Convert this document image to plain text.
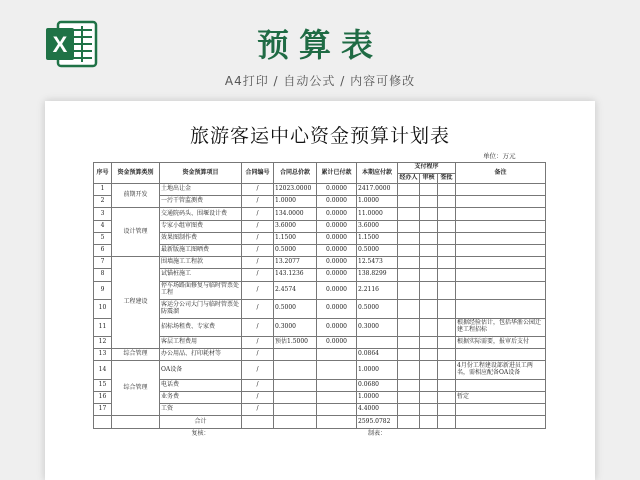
X	预算表
A4打印 / 自动公式 / 内容可修改
旅游客运中心资金预算计划表
单位：万元
序号	资金预算类别	资金预算项目	合同编号	合同总价款	累计已付款	本期应付款	支付程序			备注
							经办人	审核	签批	
1	前期开发	土地出让金	/	12023.0000	0.0000	2417.0000				
2		一污干管监测费	/	1.0000	0.0000	1.0000				
3	设计管理	交通院码头、围堰设计费	/	134.0000	0.0000	11.0000				
4		专家小组审图费	/	3.6000	0.0000	3.6000				
5		效果图制作费	/	1.1500	0.0000	1.1500				
6		最新版施工图晒费	/	0.5000	0.0000	0.5000				
7	工程建设	围墙施工工程款	/	13.2077	0.0000	12.5473				
8		试锚桩施工	/	143.1236	0.0000	138.8299				
9		停车场路面修复与临时管票处工程	/	2.4574	0.0000	2.2116				
10		客运分公司大门与临时管票处防震溜	/	0.5000	0.0000	0.5000				
11		招标场租费、专家费	/	0.3000	0.0000	0.3000				根据经验估计，包括华浙公园迁建工程招标
12		客层工程费用	/	预估1.5000	0.0000					根据实际需要，报审后支付
13	综合管理	办公用品、打印耗材等	/			0.0864				
14	综合管理	OA设备	/			1.0000				4月份工程建设部新进员工两名，需相应配备OA设备
15		电话费	/			0.0680				
16		业务费	/			1.0000				暂定
17		工资	/			4.4000				
		合计				2595.0782				
		复核：				制表：				
